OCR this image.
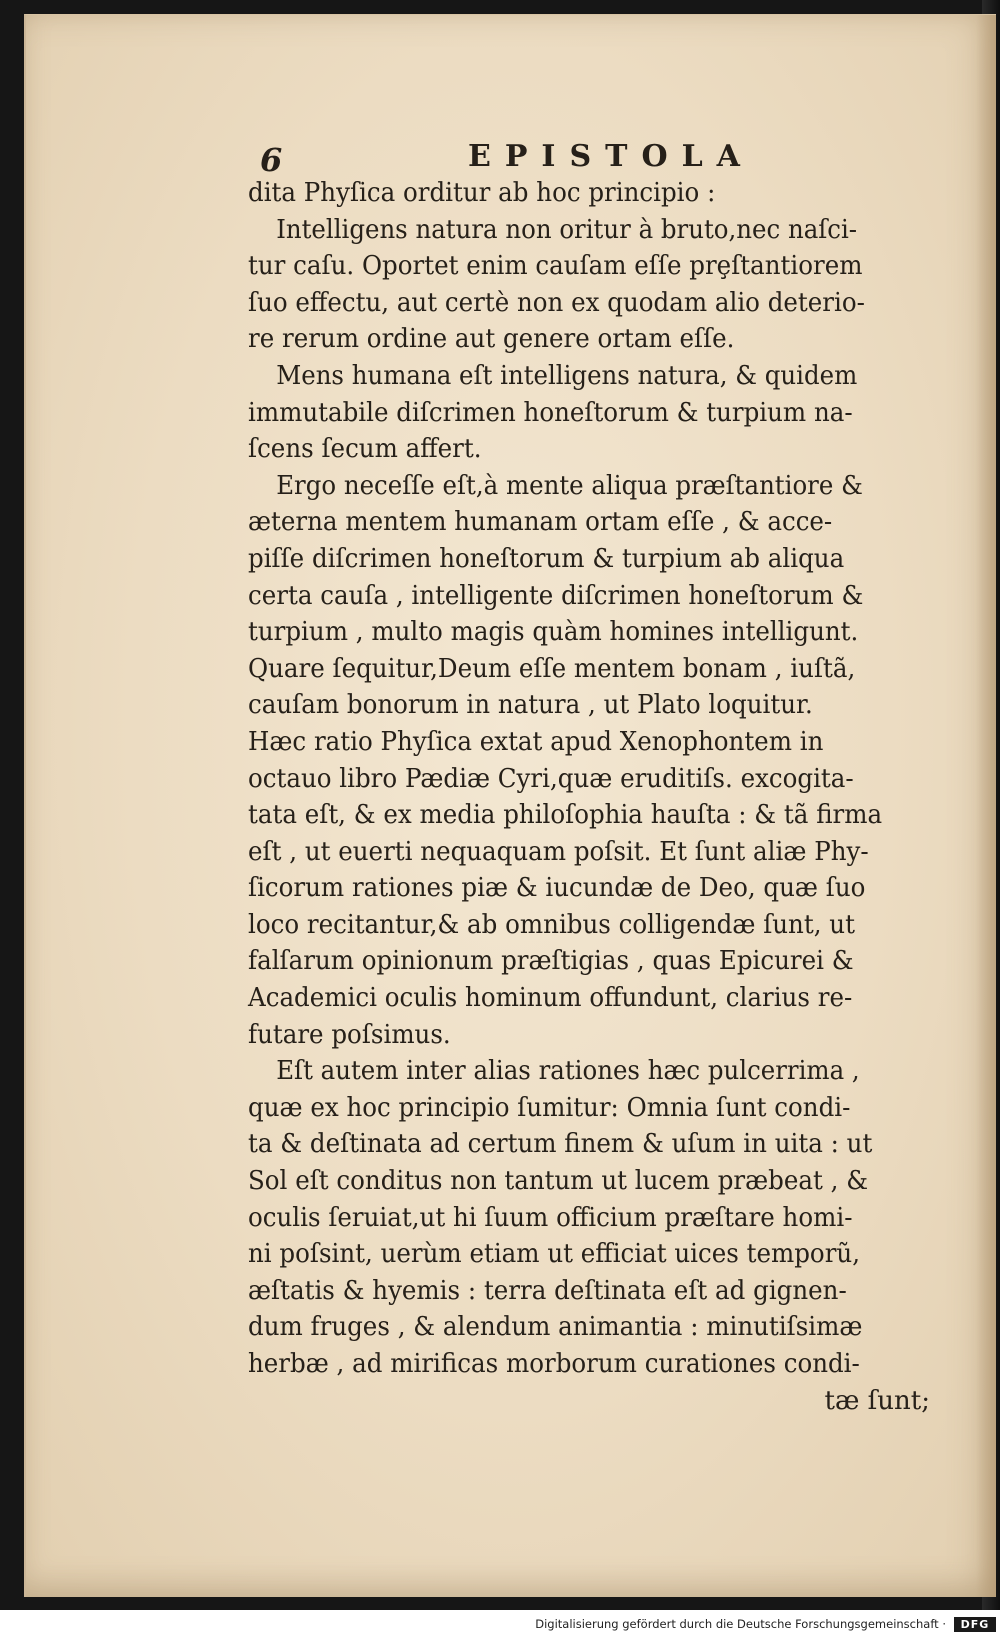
6	EPISTOLA
dita Phyſica orditur ab hoc principio :
Intelligens natura non oritur à bruto,nec naſci-
tur caſu. Oportet enim cauſam eſſe prȩſtantiorem
ſuo effectu, aut certè non ex quodam alio deterio-
re rerum ordine aut genere ortam eſſe.
Mens humana eſt intelligens natura, & quidem
immutabile diſcrimen honeſtorum & turpium na-
ſcens ſecum affert.
Ergo neceſſe eſt,à mente aliqua præſtantiore &
æterna mentem humanam ortam eſſe , & acce-
piſſe diſcrimen honeſtorum & turpium ab aliqua
certa cauſa , intelligente diſcrimen honeſtorum &
turpium , multo magis quàm homines intelligunt.
Quare ſequitur,Deum eſſe mentem bonam , iuſtã,
cauſam bonorum in natura , ut Plato loquitur.
Hæc ratio Phyſica extat apud Xenophontem in
octauo libro Pædiæ Cyri,quæ eruditiſs. excogita-
tata eſt, & ex media philoſophia hauſta : & tã firma
eſt , ut euerti nequaquam poſsit. Et ſunt aliæ Phy-
ſicorum rationes piæ & iucundæ de Deo, quæ ſuo
loco recitantur,& ab omnibus colligendæ ſunt, ut
falſarum opinionum præſtigias , quas Epicurei &
Academici oculis hominum offundunt, clarius re-
futare poſsimus.
Eſt autem inter alias rationes hæc pulcerrima ,
quæ ex hoc principio ſumitur: Omnia ſunt condi-
ta & deſtinata ad certum finem & uſum in uita : ut
Sol eſt conditus non tantum ut lucem præbeat , &
oculis ſeruiat,ut hi ſuum officium præſtare homi-
ni poſsint, uerùm etiam ut efficiat uices temporũ,
æſtatis & hyemis : terra deſtinata eſt ad gignen-
dum fruges , & alendum animantia : minutiſsimæ
herbæ , ad mirificas morborum curationes condi-
tæ ſunt;
Digitalisierung gefördert durch die Deutsche Forschungsgemeinschaft ·	DFG
